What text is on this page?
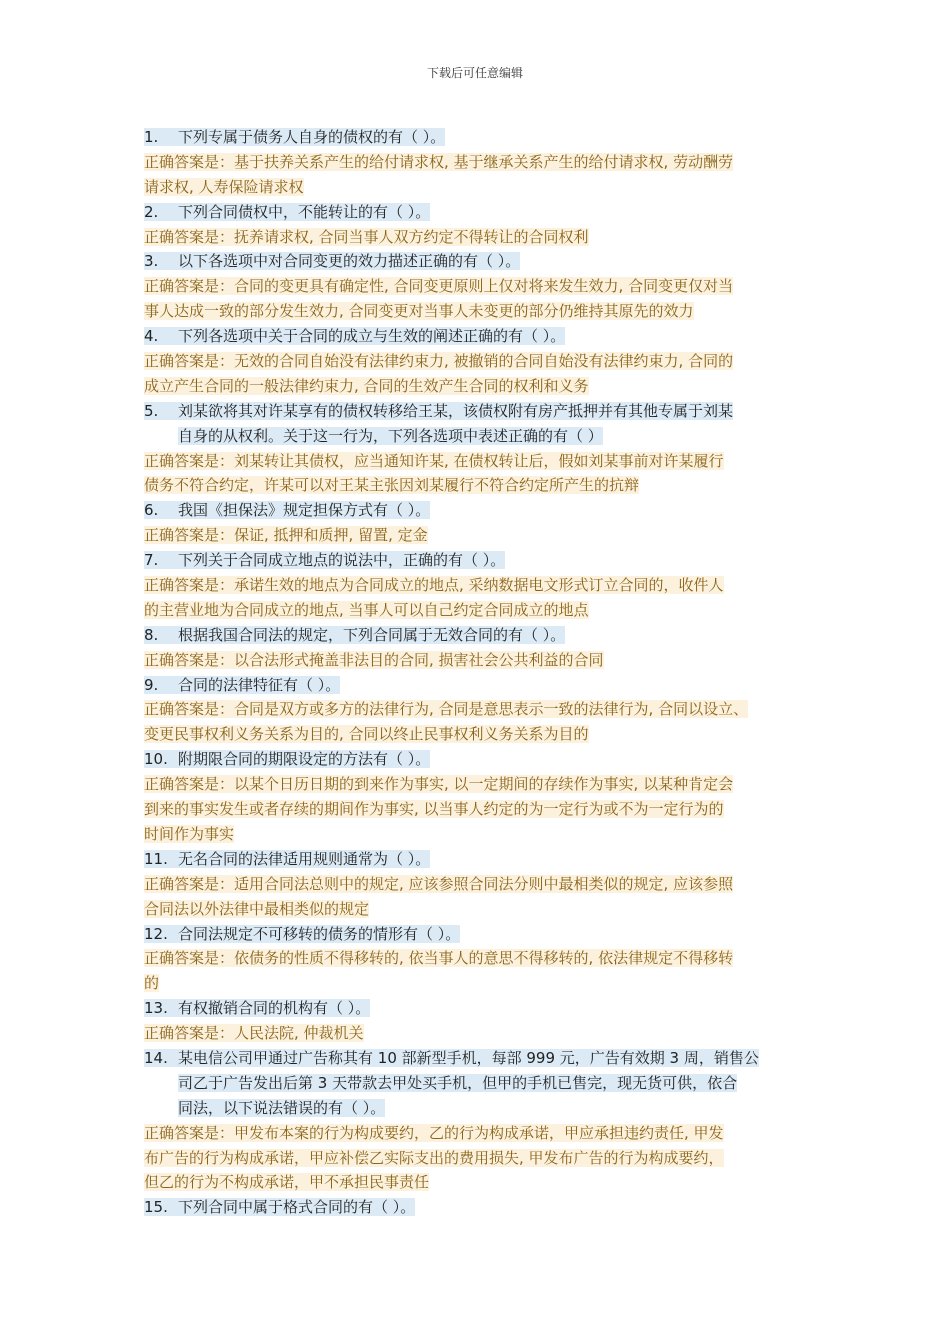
下载后可任意编辑
1. 下列专属于债务人自身的债权的有（ ）。
正确答案是：基于扶养关系产生的给付请求权, 基于继承关系产生的给付请求权, 劳动酬劳
请求权, 人寿保险请求权
2. 下列合同债权中，不能转让的有（ ）。
正确答案是：抚养请求权, 合同当事人双方约定不得转让的合同权利
3. 以下各选项中对合同变更的效力描述正确的有（ ）。
正确答案是：合同的变更具有确定性, 合同变更原则上仅对将来发生效力, 合同变更仅对当
事人达成一致的部分发生效力, 合同变更对当事人未变更的部分仍维持其原先的效力
4. 下列各选项中关于合同的成立与生效的阐述正确的有（ ）。
正确答案是：无效的合同自始没有法律约束力, 被撤销的合同自始没有法律约束力, 合同的
成立产生合同的一般法律约束力, 合同的生效产生合同的权利和义务
5. 刘某欲将其对许某享有的债权转移给王某，该债权附有房产抵押并有其他专属于刘某
自身的从权利。关于这一行为，下列各选项中表述正确的有（ ）
正确答案是：刘某转让其债权，应当通知许某, 在债权转让后，假如刘某事前对许某履行
债务不符合约定，许某可以对王某主张因刘某履行不符合约定所产生的抗辩
6. 我国《担保法》规定担保方式有（ ）。
正确答案是：保证, 抵押和质押, 留置, 定金
7. 下列关于合同成立地点的说法中，正确的有（ ）。
正确答案是：承诺生效的地点为合同成立的地点, 采纳数据电文形式订立合同的，收件人
的主营业地为合同成立的地点, 当事人可以自己约定合同成立的地点
8. 根据我国合同法的规定，下列合同属于无效合同的有（ ）。
正确答案是：以合法形式掩盖非法目的合同, 损害社会公共利益的合同
9. 合同的法律特征有（ ）。
正确答案是：合同是双方或多方的法律行为, 合同是意思表示一致的法律行为, 合同以设立、
变更民事权利义务关系为目的, 合同以终止民事权利义务关系为目的
10. 附期限合同的期限设定的方法有（ ）。
正确答案是：以某个日历日期的到来作为事实, 以一定期间的存续作为事实, 以某种肯定会
到来的事实发生或者存续的期间作为事实, 以当事人约定的为一定行为或不为一定行为的
时间作为事实
11. 无名合同的法律适用规则通常为（ ）。
正确答案是：适用合同法总则中的规定, 应该参照合同法分则中最相类似的规定, 应该参照
合同法以外法律中最相类似的规定
12. 合同法规定不可移转的债务的情形有（ ）。
正确答案是：依债务的性质不得移转的, 依当事人的意思不得移转的, 依法律规定不得移转
的
13. 有权撤销合同的机构有（ ）。
正确答案是：人民法院, 仲裁机关
14. 某电信公司甲通过广告称其有 10 部新型手机，每部 999 元，广告有效期 3 周，销售公
司乙于广告发出后第 3 天带款去甲处买手机，但甲的手机已售完，现无货可供，依合
同法，以下说法错误的有（ ）。
正确答案是：甲发布本案的行为构成要约，乙的行为构成承诺，甲应承担违约责任, 甲发
布广告的行为构成承诺，甲应补偿乙实际支出的费用损失, 甲发布广告的行为构成要约，
但乙的行为不构成承诺，甲不承担民事责任
15. 下列合同中属于格式合同的有（ ）。
